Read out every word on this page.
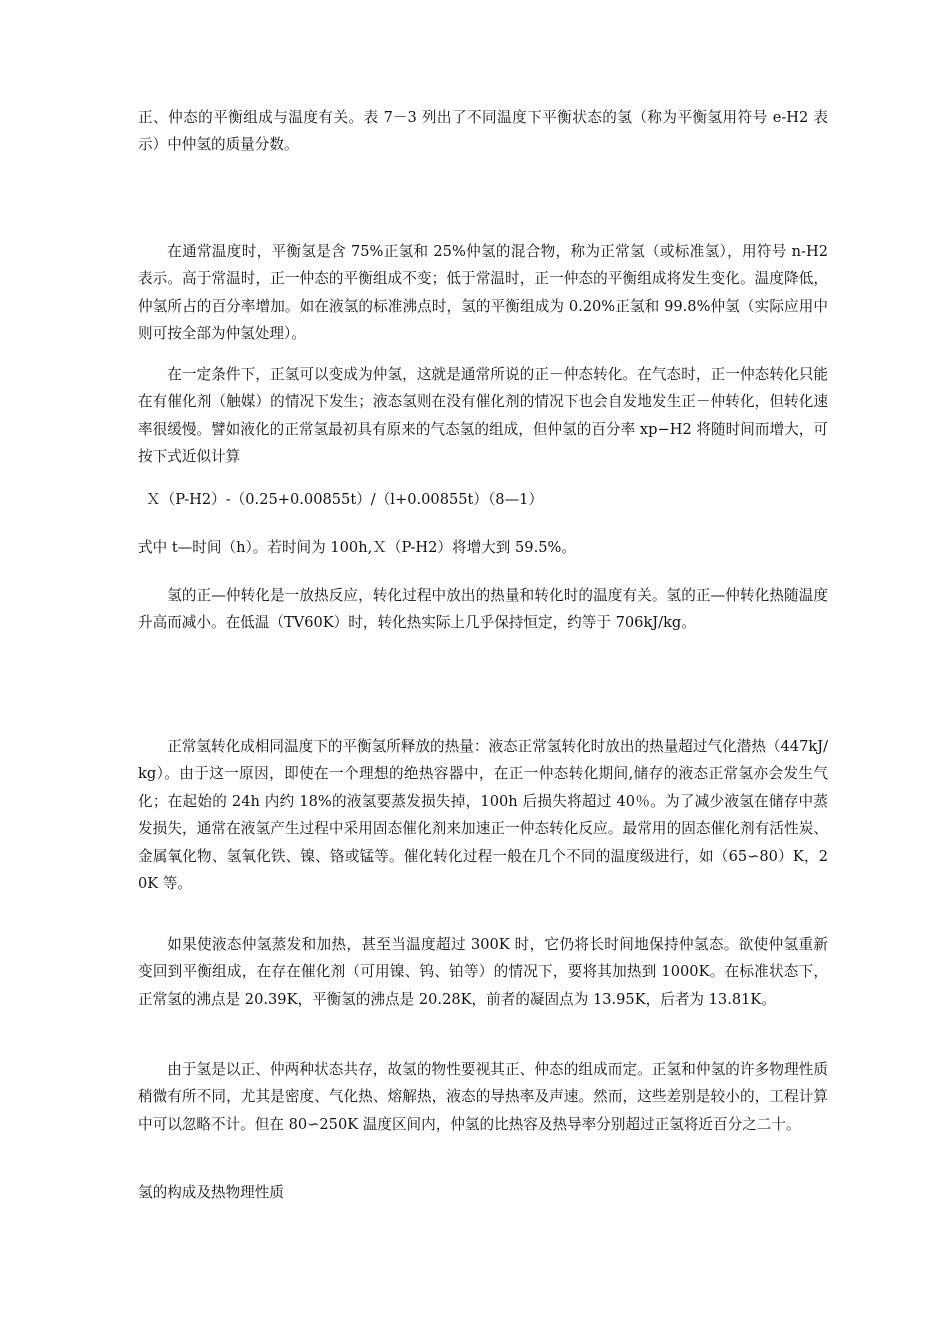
正、仲态的平衡组成与温度有关。表 7－3 列出了不同温度下平衡状态的氢（称为平衡氢用符号 e-H2 表示）中仲氢的质量分数。

在通常温度时，平衡氢是含 75%正氢和 25%仲氢的混合物，称为正常氢（或标准氢），用符号 n-H2 表示。高于常温时，正一仲态的平衡组成不变；低于常温时，正一仲态的平衡组成将发生变化。温度降低，仲氢所占的百分率增加。如在液氢的标准沸点时，氢的平衡组成为 0.20%正氢和 99.8%仲氢（实际应用中则可按全部为仲氢处理）。

在一定条件下，正氢可以变成为仲氢，这就是通常所说的正－仲态转化。在气态时，正一仲态转化只能在有催化剂（触媒）的情况下发生；液态氢则在没有催化剂的情况下也会自发地发生正－仲转化，但转化速率很缓慢。譬如液化的正常氢最初具有原来的气态氢的组成，但仲氢的百分率 xp−H2 将随时间而增大，可按下式近似计算

Ｘ（P-H2）-（0.25+0.00855t）/（l+0.00855t）（8—1）

式中 t—时间（h）。若时间为 100h,Ｘ（P-H2）将增大到 59.5%。

氢的正—仲转化是一放热反应，转化过程中放出的热量和转化时的温度有关。氢的正—仲转化热随温度升高而减小。在低温（TV60K）时，转化热实际上几乎保持恒定，约等于 706kJ/kg。

正常氢转化成相同温度下的平衡氢所释放的热量：液态正常氢转化时放出的热量超过气化潜热（447kJ/kg）。由于这一原因，即使在一个理想的绝热容器中，在正一仲态转化期间,储存的液态正常氢亦会发生气化；在起始的 24h 内约 18%的液氢要蒸发损失掉，100h 后损失将超过 40％。为了减少液氢在储存中蒸发损失，通常在液氢产生过程中采用固态催化剂来加速正一仲态转化反应。最常用的固态催化剂有活性炭、金属氧化物、氢氧化铁、镍、铬或锰等。催化转化过程一般在几个不同的温度级进行，如（65∽80）K，20K 等。

如果使液态仲氢蒸发和加热，甚至当温度超过 300K 时，它仍将长时间地保持仲氢态。欲使仲氢重新变回到平衡组成，在存在催化剂（可用镍、钨、铂等）的情况下，要将其加热到 1000K。在标准状态下，正常氢的沸点是 20.39K，平衡氢的沸点是 20.28K，前者的凝固点为 13.95K，后者为 13.81K。

由于氢是以正、仲两种状态共存，故氢的物性要视其正、仲态的组成而定。正氢和仲氢的许多物理性质稍微有所不同，尤其是密度、气化热、熔解热，液态的导热率及声速。然而，这些差别是较小的，工程计算中可以忽略不计。但在 80∽250K 温度区间内，仲氢的比热容及热导率分别超过正氢将近百分之二十。

氢的构成及热物理性质
